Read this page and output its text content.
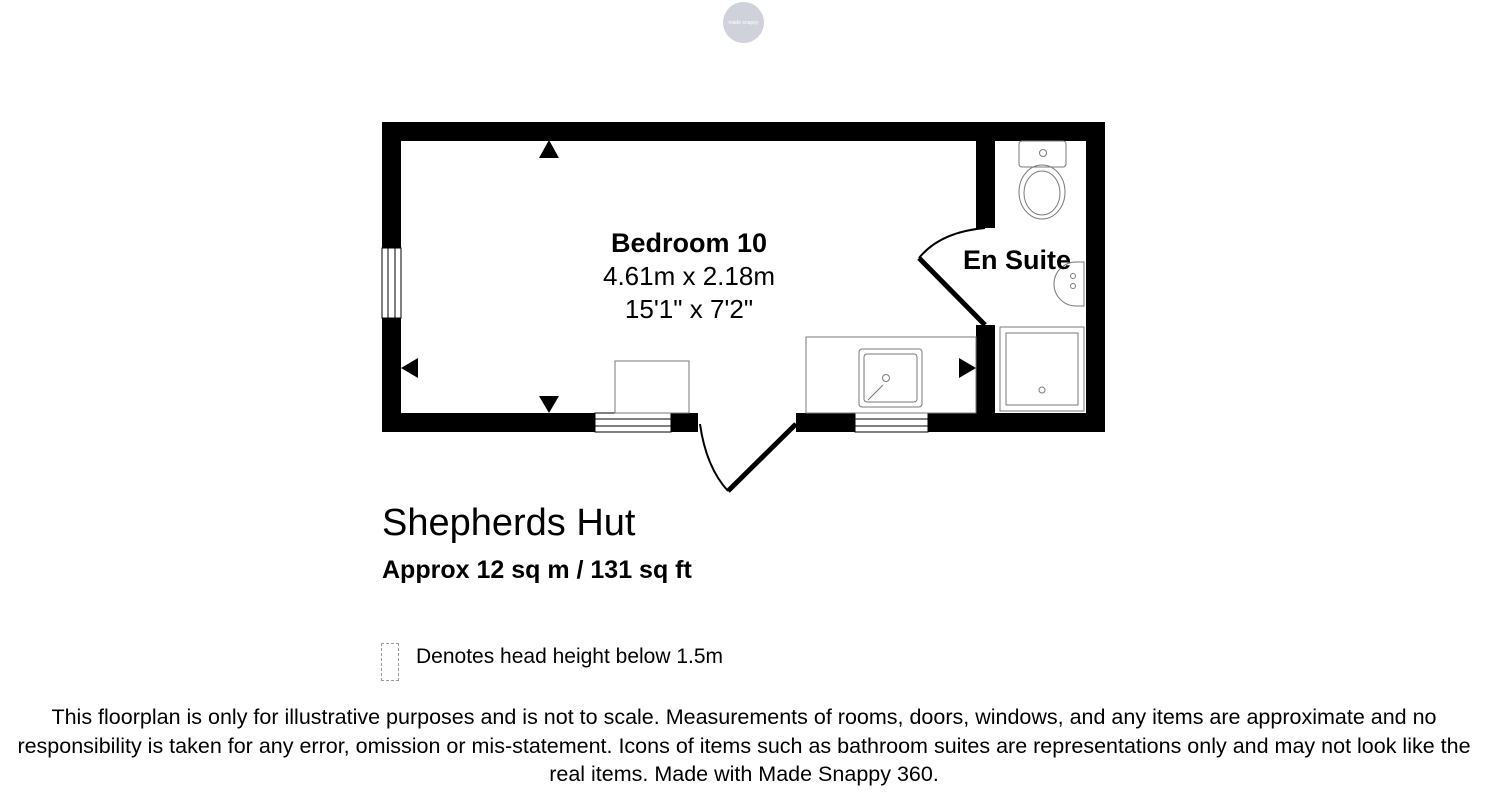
made snappy
Bedroom 10
4.61m x 2.18m
15'1" x 7'2"
En Suite
Shepherds Hut
Approx 12 sq m / 131 sq ft
Denotes head height below 1.5m
This floorplan is only for illustrative purposes and is not to scale. Measurements of rooms, doors, windows, and any items are approximate and no responsibility is taken for any error, omission or mis-statement. Icons of items such as bathroom suites are representations only and may not look like the real items. Made with Made Snappy 360.
